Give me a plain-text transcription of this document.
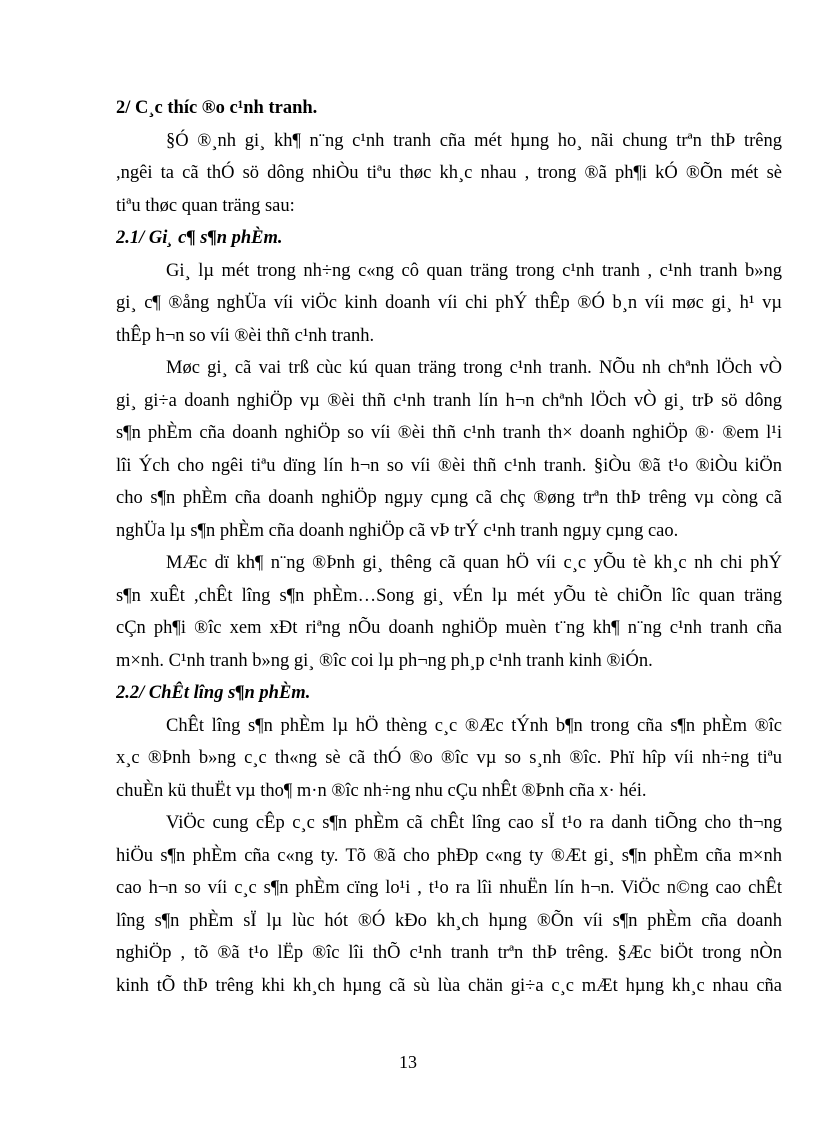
2/ C¸c thíc ®o c¹nh tranh.
§Ó ®¸nh gi¸ kh¶ n¨ng c¹nh tranh cña mét hµng ho¸ nãi chung trªn thÞ trêng
,ngêi ta cã thÓ sö dông nhiÒu tiªu thøc kh¸c nhau , trong ®ã ph¶i kÓ ®Õn mét sè
tiªu thøc quan träng sau:
2.1/ Gi¸ c¶ s¶n phÈm.
Gi¸ lµ mét trong nh÷ng c«ng cô quan träng trong c¹nh tranh , c¹nh tranh b»ng
gi¸ c¶ ®ång nghÜa víi viÖc kinh doanh víi chi phÝ thÊp ®Ó b¸n víi møc gi¸ h¹ vµ
thÊp h¬n so víi ®èi thñ c¹nh tranh.
Møc gi¸ cã vai trß cùc kú quan träng trong c¹nh tranh. NÕu nh chªnh lÖch vÒ
gi¸ gi÷a doanh nghiÖp vµ ®èi thñ c¹nh tranh lín h¬n chªnh lÖch vÒ gi¸ trÞ sö dông
s¶n phÈm cña doanh nghiÖp so víi ®èi thñ c¹nh tranh th× doanh nghiÖp ®· ®em l¹i
lîi Ých cho ngêi tiªu dïng lín h¬n so víi ®èi thñ c¹nh tranh. §iÒu ®ã t¹o ®iÒu kiÖn
cho s¶n phÈm cña doanh nghiÖp ngµy cµng cã chç ®øng trªn thÞ trêng vµ còng cã
nghÜa lµ s¶n phÈm cña doanh nghiÖp cã vÞ trÝ c¹nh tranh ngµy cµng cao.
MÆc dï kh¶ n¨ng ®Þnh gi¸ thêng cã quan hÖ víi c¸c yÕu tè kh¸c nh chi phÝ
s¶n xuÊt ,chÊt lîng s¶n phÈm…Song gi¸ vÉn lµ mét yÕu tè chiÕn lîc quan träng
cÇn ph¶i ®îc xem xÐt riªng nÕu doanh nghiÖp muèn t¨ng kh¶ n¨ng c¹nh tranh cña
m×nh. C¹nh tranh b»ng gi¸ ®îc coi lµ ph¬ng ph¸p c¹nh tranh kinh ®iÓn.
2.2/ ChÊt lîng s¶n phÈm.
ChÊt lîng s¶n phÈm lµ hÖ thèng c¸c ®Æc tÝnh b¶n trong cña s¶n phÈm ®îc
x¸c ®Þnh b»ng c¸c th«ng sè cã thÓ ®o ®îc vµ so s¸nh ®îc. Phï hîp víi nh÷ng tiªu
chuÈn kü thuËt vµ tho¶ m·n ®îc nh÷ng nhu cÇu nhÊt ®Þnh cña x· héi.
ViÖc cung cÊp c¸c s¶n phÈm cã chÊt lîng cao sÏ t¹o ra danh tiÕng cho th¬ng
hiÖu s¶n phÈm cña c«ng ty. Tõ ®ã cho phÐp c«ng ty ®Æt gi¸ s¶n phÈm cña m×nh
cao h¬n so víi c¸c s¶n phÈm cïng lo¹i , t¹o ra lîi nhuËn lín h¬n. ViÖc n©ng cao chÊt
lîng s¶n phÈm sÏ lµ lùc hót ®Ó kÐo kh¸ch hµng ®Õn víi s¶n phÈm cña doanh
nghiÖp , tõ ®ã t¹o lËp ®îc lîi thÕ c¹nh tranh trªn thÞ trêng. §Æc biÖt trong nÒn
kinh tÕ thÞ trêng khi kh¸ch hµng cã sù lùa chän gi÷a c¸c mÆt hµng kh¸c nhau cña
13
